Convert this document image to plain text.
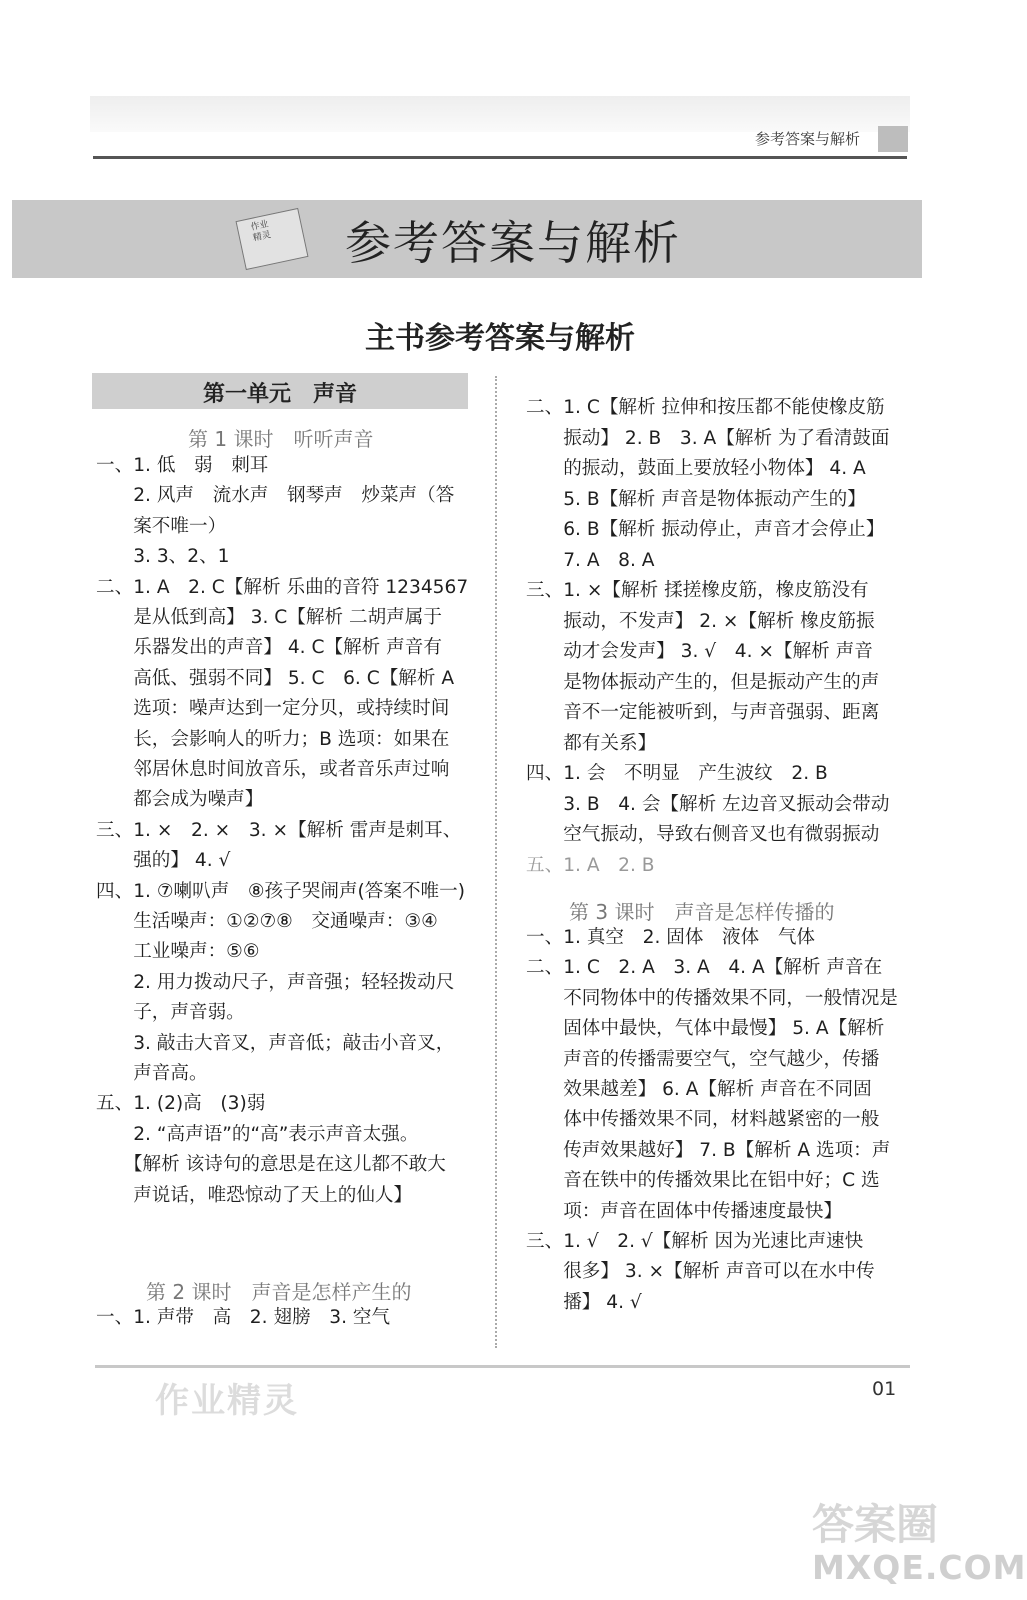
参考答案与解析
作业
精灵 参考答案与解析
主书参考答案与解析
第一单元　声音
第 1 课时　听听声音
一、1. 低　弱　刺耳
　　2. 风声　流水声　钢琴声　炒菜声（答
　　案不唯一）
　　3. 3、2、1
二、1. A　2. C【解析 乐曲的音符 1234567
　　是从低到高】 3. C【解析 二胡声属于
　　乐器发出的声音】 4. C【解析 声音有
　　高低、强弱不同】 5. C　6. C【解析 A
　　选项：噪声达到一定分贝，或持续时间
　　长，会影响人的听力；B 选项：如果在
　　邻居休息时间放音乐，或者音乐声过响
　　都会成为噪声】
三、1. ×　2. ×　3. ×【解析 雷声是刺耳、
　　强的】 4. √
四、1. ⑦喇叭声　⑧孩子哭闹声(答案不唯一)
　　生活噪声：①②⑦⑧　交通噪声：③④
　　工业噪声：⑤⑥
　　2. 用力拨动尺子，声音强；轻轻拨动尺
　　子，声音弱。
　　3. 敲击大音叉，声音低；敲击小音叉，
　　声音高。
五、1. (2)高　(3)弱
　　2. “高声语”的“高”表示声音太强。
　　【解析 该诗句的意思是在这儿都不敢大
　　声说话，唯恐惊动了天上的仙人】
第 2 课时　声音是怎样产生的
一、1. 声带　高　2. 翅膀　3. 空气
二、1. C【解析 拉伸和按压都不能使橡皮筋
　　振动】 2. B　3. A【解析 为了看清鼓面
　　的振动，鼓面上要放轻小物体】 4. A
　　5. B【解析 声音是物体振动产生的】
　　6. B【解析 振动停止，声音才会停止】
　　7. A　8. A
三、1. ×【解析 揉搓橡皮筋，橡皮筋没有
　　振动，不发声】 2. ×【解析 橡皮筋振
　　动才会发声】 3. √　4. ×【解析 声音
　　是物体振动产生的，但是振动产生的声
　　音不一定能被听到，与声音强弱、距离
　　都有关系】
四、1. 会　不明显　产生波纹　2. B
　　3. B　4. 会【解析 左边音叉振动会带动
　　空气振动，导致右侧音叉也有微弱振动
五、1. A　2. B
第 3 课时　声音是怎样传播的
一、1. 真空　2. 固体　液体　气体
二、1. C　2. A　3. A　4. A【解析 声音在
　　不同物体中的传播效果不同，一般情况是
　　固体中最快，气体中最慢】 5. A【解析
　　声音的传播需要空气，空气越少，传播
　　效果越差】 6. A【解析 声音在不同固
　　体中传播效果不同，材料越紧密的一般
　　传声效果越好】 7. B【解析 A 选项：声
　　音在铁中的传播效果比在铝中好；C 选
　　项：声音在固体中传播速度最快】
三、1. √　2. √【解析 因为光速比声速快
　　很多】 3. ×【解析 声音可以在水中传
　　播】 4. √
作业精灵	01
答案圈
MXQE.COM
